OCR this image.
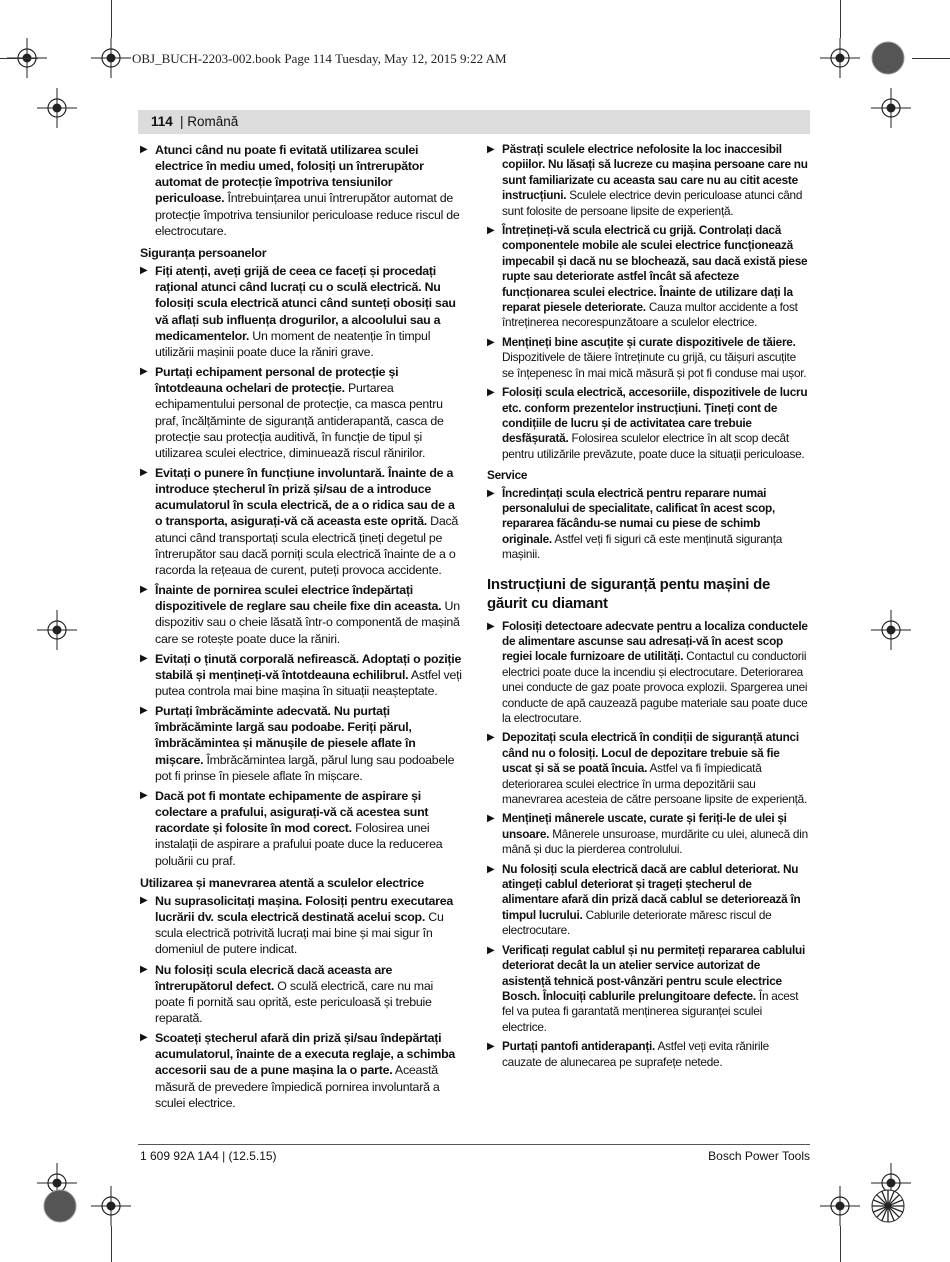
OBJ_BUCH-2203-002.book Page 114 Tuesday, May 12, 2015 9:22 AM
114 | Română
▶ Atunci când nu poate fi evitată utilizarea sculei electrice în mediu umed, folosiți un întrerupător automat de protecție împotriva tensiunilor periculoase. Întrebuințarea unui întrerupător automat de protecție împotriva tensiunilor periculoase reduce riscul de electrocutare.
Siguranța persoanelor
▶ Fiți atenți, aveți grijă de ceea ce faceți și procedați rațional atunci când lucrați cu o sculă electrică. Nu folosiți scula electrică atunci când sunteți obosiți sau vă aflați sub influența drogurilor, a alcoolului sau a medicamentelor. Un moment de neatenție în timpul utilizării mașinii poate duce la răniri grave.
▶ Purtați echipament personal de protecție și întotdeauna ochelari de protecție. Purtarea echipamentului personal de protecție, ca masca pentru praf, încălțăminte de siguranță antiderapantă, casca de protecție sau protecția auditivă, în funcție de tipul și utilizarea sculei electrice, diminuează riscul rănirilor.
▶ Evitați o punere în funcțiune involuntară. Înainte de a introduce ștecherul în priză și/sau de a introduce acumulatorul în scula electrică, de a o ridica sau de a o transporta, asigurați-vă că aceasta este oprită. Dacă atunci când transportați scula electrică țineți degetul pe întrerupător sau dacă porniți scula electrică înainte de a o racorda la rețeaua de curent, puteți provoca accidente.
▶ Înainte de pornirea sculei electrice îndepărtați dispozitivele de reglare sau cheile fixe din aceasta. Un dispozitiv sau o cheie lăsată într-o componentă de mașină care se rotește poate duce la răniri.
▶ Evitați o ținută corporală nefirească. Adoptați o poziție stabilă și mențineți-vă întotdeauna echilibrul. Astfel veți putea controla mai bine mașina în situații neașteptate.
▶ Purtați îmbrăcăminte adecvată. Nu purtați îmbrăcăminte largă sau podoabe. Feriți părul, îmbrăcămintea și mănușile de piesele aflate în mișcare. Îmbrăcămintea largă, părul lung sau podoabele pot fi prinse în piesele aflate în mișcare.
▶ Dacă pot fi montate echipamente de aspirare și colectare a prafului, asigurați-vă că acestea sunt racordate și folosite în mod corect. Folosirea unei instalații de aspirare a prafului poate duce la reducerea poluării cu praf.
Utilizarea și manevrarea atentă a sculelor electrice
▶ Nu suprasolicitați mașina. Folosiți pentru executarea lucrării dv. scula electrică destinată acelui scop. Cu scula electrică potrivită lucrați mai bine și mai sigur în domeniul de putere indicat.
▶ Nu folosiți scula elecrică dacă aceasta are întrerupătorul defect. O sculă electrică, care nu mai poate fi pornită sau oprită, este periculoasă și trebuie reparată.
▶ Scoateți ștecherul afară din priză și/sau îndepărtați acumulatorul, înainte de a executa reglaje, a schimba accesorii sau de a pune mașina la o parte. Această măsură de prevedere împiedică pornirea involuntară a sculei electrice.
▶ Păstrați sculele electrice nefolosite la loc inaccesibil copiilor. Nu lăsați să lucreze cu mașina persoane care nu sunt familiarizate cu aceasta sau care nu au citit aceste instrucțiuni. Sculele electrice devin periculoase atunci când sunt folosite de persoane lipsite de experiență.
▶ Întrețineți-vă scula electrică cu grijă. Controlați dacă componentele mobile ale sculei electrice funcționează impecabil și dacă nu se blochează, sau dacă există piese rupte sau deteriorate astfel încât să afecteze funcționarea sculei electrice. Înainte de utilizare dați la reparat piesele deteriorate. Cauza multor accidente a fost întreținerea necorespunzătoare a sculelor electrice.
▶ Mențineți bine ascuțite și curate dispozitivele de tăiere. Dispozitivele de tăiere întreținute cu grijă, cu tăișuri ascuțite se înțepenesc în mai mică măsură și pot fi conduse mai ușor.
▶ Folosiți scula electrică, accesoriile, dispozitivele de lucru etc. conform prezentelor instrucțiuni. Țineți cont de condițiile de lucru și de activitatea care trebuie desfășurată. Folosirea sculelor electrice în alt scop decât pentru utilizările prevăzute, poate duce la situații periculoase.
Service
▶ Încredințați scula electrică pentru reparare numai personalului de specialitate, calificat în acest scop, reparareа făcându-se numai cu piese de schimb originale. Astfel veți fi siguri că este menținută siguranța mașinii.
Instrucțiuni de siguranță pentu mașini de găurit cu diamant
▶ Folosiți detectoare adecvate pentru a localiza conductele de alimentare ascunse sau adresați-vă în acest scop regiei locale furnizoare de utilități. Contactul cu conductorii electrici poate duce la incendiu și electrocutare. Deteriorarea unei conducte de gaz poate provoca explozii. Spargerea unei conducte de apă cauzează pagube materiale sau poate duce la electrocutare.
▶ Depozitați scula electrică în condiții de siguranță atunci când nu o folosiți. Locul de depozitare trebuie să fie uscat și să se poată încuia. Astfel va fi împiedicată deteriorarea sculei electrice în urma depozitării sau manevrarea acesteia de către persoane lipsite de experiență.
▶ Mențineți mânerele uscate, curate și feriți-le de ulei și unsoare. Mânerele unsuroase, murdărite cu ulei, alunecă din mână și duc la pierderea controlului.
▶ Nu folosiți scula electrică dacă are cablul deteriorat. Nu atingeți cablul deteriorat și trageți ștecherul de alimentare afară din priză dacă cablul se deteriorează în timpul lucrului. Cablurile deteriorate măresc riscul de electrocutare.
▶ Verificați regulat cablul și nu permiteți repararea cablului deteriorat decât la un atelier service autorizat de asistență tehnică post-vânzări pentru scule electrice Bosch. Înlocuiți cablurile prelungitoare defecte. În acest fel va putea fi garantată menținerea siguranței sculei electrice.
▶ Purtați pantofi antiderapanți. Astfel veți evita rănirile cauzate de alunecarea pe suprafețe netede.
1 609 92A 1A4 | (12.5.15)	Bosch Power Tools
